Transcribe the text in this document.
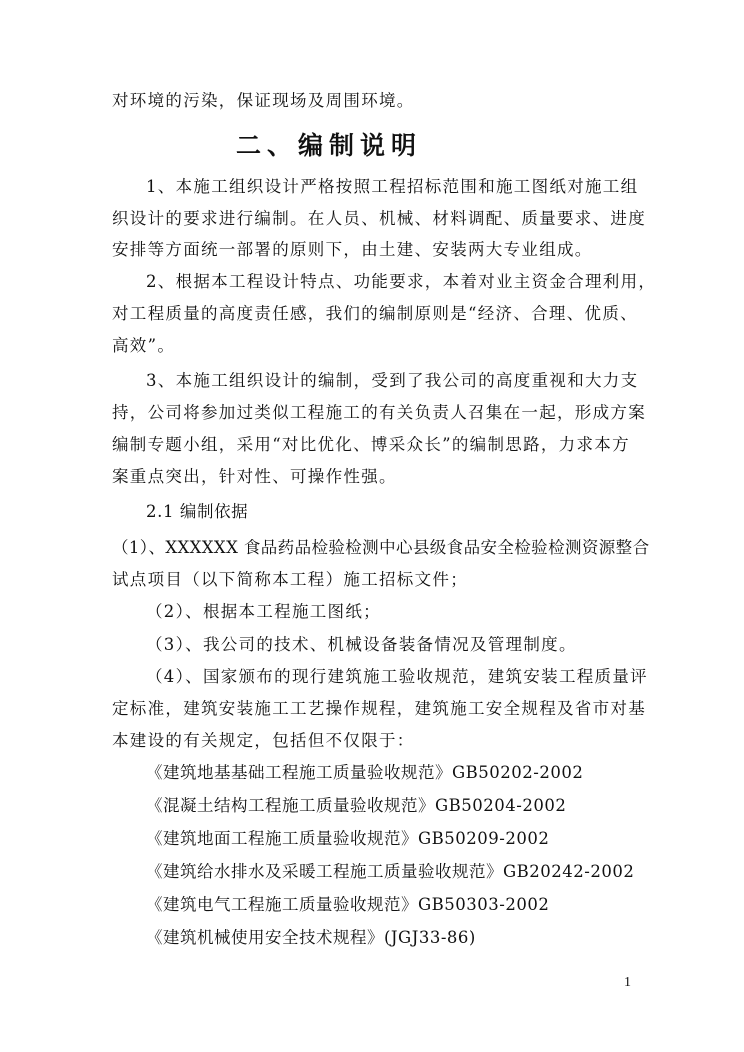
对环境的污染，保证现场及周围环境。
二、编制说明
1、本施工组织设计严格按照工程招标范围和施工图纸对施工组
织设计的要求进行编制。在人员、机械、材料调配、质量要求、进度
安排等方面统一部署的原则下，由土建、安装两大专业组成。
2、根据本工程设计特点、功能要求，本着对业主资金合理利用，
对工程质量的高度责任感，我们的编制原则是“经济、合理、优质、
高效”。
3、本施工组织设计的编制，受到了我公司的高度重视和大力支
持，公司将参加过类似工程施工的有关负责人召集在一起，形成方案
编制专题小组，采用“对比优化、博采众长”的编制思路，力求本方
案重点突出，针对性、可操作性强。
2.1 编制依据
（1）、XXXXXX 食品药品检验检测中心县级食品安全检验检测资源整合
试点项目（以下简称本工程）施工招标文件；
（2）、根据本工程施工图纸；
（3）、我公司的技术、机械设备装备情况及管理制度。
（4）、国家颁布的现行建筑施工验收规范，建筑安装工程质量评
定标准，建筑安装施工工艺操作规程，建筑施工安全规程及省市对基
本建设的有关规定，包括但不仅限于：
《建筑地基基础工程施工质量验收规范》GB50202-2002
《混凝土结构工程施工质量验收规范》GB50204-2002
《建筑地面工程施工质量验收规范》GB50209-2002
《建筑给水排水及采暖工程施工质量验收规范》GB20242-2002
《建筑电气工程施工质量验收规范》GB50303-2002
《建筑机械使用安全技术规程》(JGJ33-86)
1
